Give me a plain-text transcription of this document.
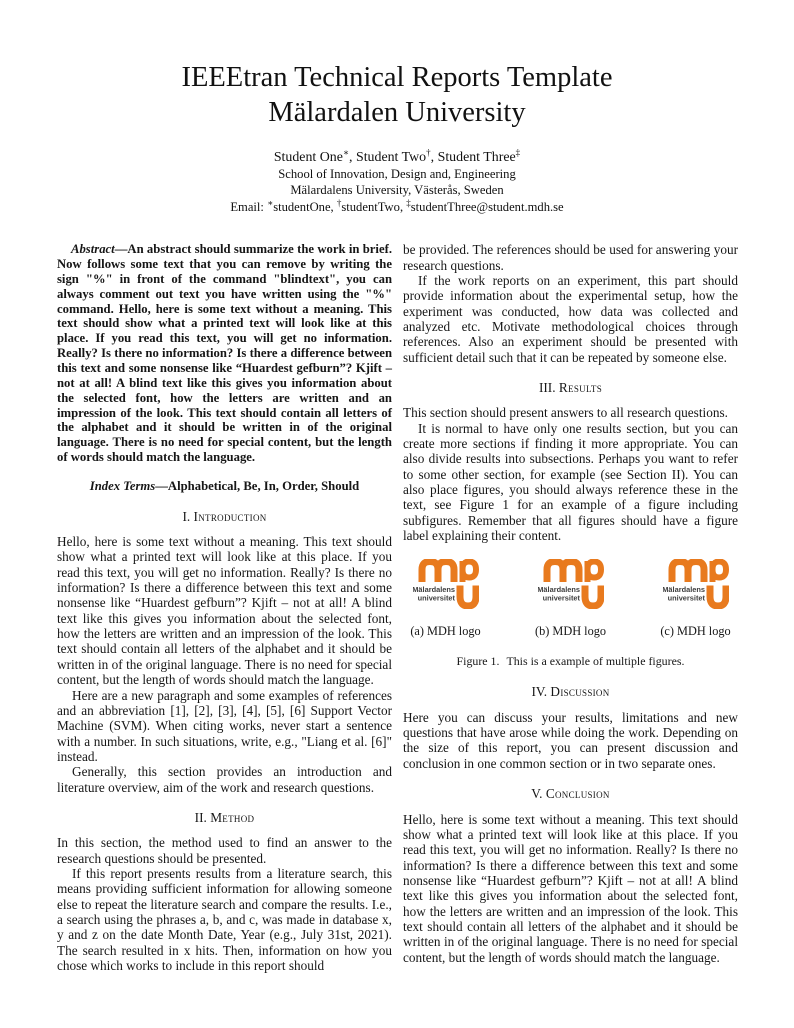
IEEEtran Technical Reports Template
Mälardalen University
Student One∗, Student Two†, Student Three‡
School of Innovation, Design and, Engineering
Mälardalens University, Västerås, Sweden
Email: ∗studentOne, †studentTwo, ‡studentThree@student.mdh.se

Abstract—An abstract should summarize the work in brief. Now follows some text that you can remove by writing the sign "%" in front of the command "blindtext", you can always comment out text you have written using the "%" command. Hello, here is some text without a meaning. This text should show what a printed text will look like at this place. If you read this text, you will get no information. Really? Is there no information? Is there a difference between this text and some nonsense like “Huardest gefburn”? Kjift – not at all! A blind text like this gives you information about the selected font, how the letters are written and an impression of the look. This text should contain all letters of the alphabet and it should be written in of the original language. There is no need for special content, but the length of words should match the language.

Index Terms—Alphabetical, Be, In, Order, Should

I. Introduction

Hello, here is some text without a meaning. This text should show what a printed text will look like at this place. If you read this text, you will get no information. Really? Is there no information? Is there a difference between this text and some nonsense like “Huardest gefburn”? Kjift – not at all! A blind text like this gives you information about the selected font, how the letters are written and an impression of the look. This text should contain all letters of the alphabet and it should be written in of the original language. There is no need for special content, but the length of words should match the language.

Here are a new paragraph and some examples of references and an abbreviation [1], [2], [3], [4], [5], [6] Support Vector Machine (SVM). When citing works, never start a sentence with a number. In such situations, write, e.g., "Liang et al. [6]" instead.

Generally, this section provides an introduction and literature overview, aim of the work and research questions.

II. Method

In this section, the method used to find an answer to the research questions should be presented.

If this report presents results from a literature search, this means providing sufficient information for allowing someone else to repeat the literature search and compare the results. I.e., a search using the phrases a, b, and c, was made in database x, y and z on the date Month Date, Year (e.g., July 31st, 2021). The search resulted in x hits. Then, information on how you chose which works to include in this report should

be provided. The references should be used for answering your research questions.

If the work reports on an experiment, this part should provide information about the experimental setup, how the experiment was conducted, how data was collected and analyzed etc. Motivate methodological choices through references. Also an experiment should be presented with sufficient detail such that it can be repeated by someone else.

III. Results

This section should present answers to all research questions.

It is normal to have only one results section, but you can create more sections if finding it more appropriate. You can also divide results into subsections. Perhaps you want to refer to some other section, for example (see Section II). You can also place figures, you should always reference these in the text, see Figure 1 for an example of a figure including subfigures. Remember that all figures should have a figure label explaining their content.

Mälardalens
universitet
(a) MDH logo
Mälardalens
universitet
(b) MDH logo
Mälardalens
universitet
(c) MDH logo
Figure 1. This is a example of multiple figures.
IV. Discussion

Here you can discuss your results, limitations and new questions that have arose while doing the work. Depending on the size of this report, you can present discussion and conclusion in one common section or in two separate ones.

V. Conclusion

Hello, here is some text without a meaning. This text should show what a printed text will look like at this place. If you read this text, you will get no information. Really? Is there no information? Is there a difference between this text and some nonsense like “Huardest gefburn”? Kjift – not at all! A blind text like this gives you information about the selected font, how the letters are written and an impression of the look. This text should contain all letters of the alphabet and it should be written in of the original language. There is no need for special content, but the length of words should match the language.
